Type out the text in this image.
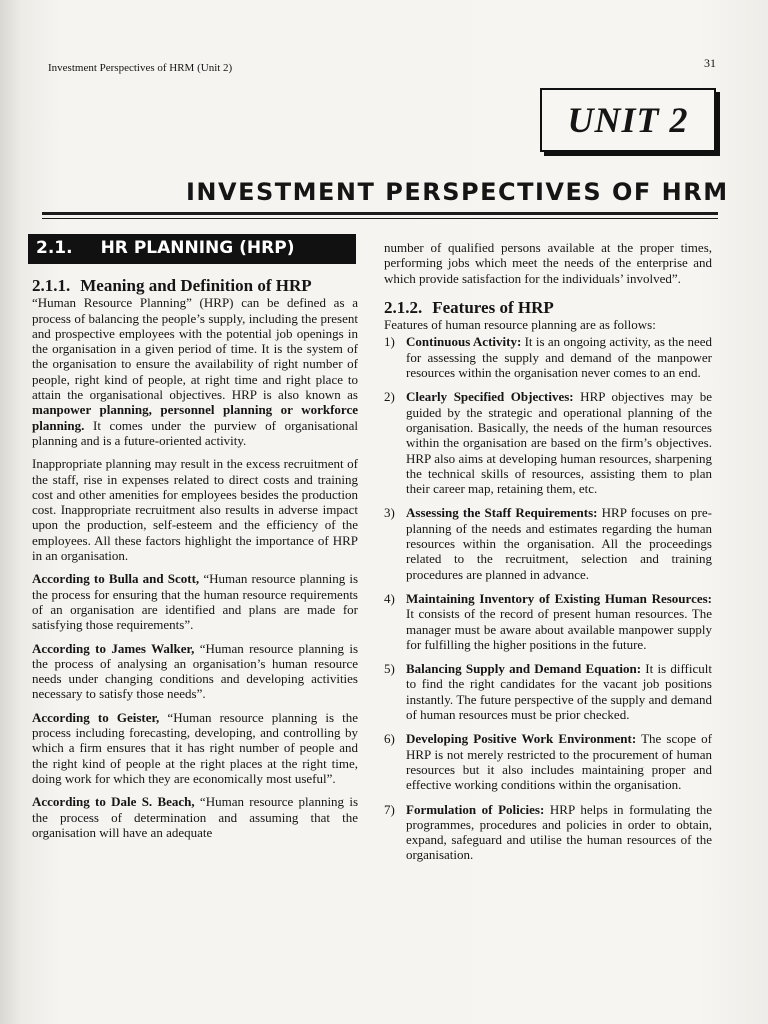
Investment Perspectives of HRM (Unit 2)	31
UNIT 2
INVESTMENT PERSPECTIVES OF HRM
2.1.	HR PLANNING (HRP)
2.1.1. Meaning and Definition of HRP

“Human Resource Planning” (HRP) can be defined as a process of balancing the people’s supply, including the present and prospective employees with the potential job openings in the organisation in a given period of time. It is the system of the organisation to ensure the availability of right number of people, right kind of people, at right time and right place to attain the organisational objectives. HRP is also known as manpower planning, personnel planning or workforce planning. It comes under the purview of organisational planning and is a future-oriented activity.

Inappropriate planning may result in the excess recruitment of the staff, rise in expenses related to direct costs and training cost and other amenities for employees besides the production cost. Inappropriate recruitment also results in adverse impact upon the production, self-esteem and the efficiency of the employees. All these factors highlight the importance of HRP in an organisation.

According to Bulla and Scott, “Human resource planning is the process for ensuring that the human resource requirements of an organisation are identified and plans are made for satisfying those requirements”.

According to James Walker, “Human resource planning is the process of analysing an organisation’s human resource needs under changing conditions and developing activities necessary to satisfy those needs”.

According to Geister, “Human resource planning is the process including forecasting, developing, and controlling by which a firm ensures that it has right number of people and the right kind of people at the right places at the right time, doing work for which they are economically most useful”.

According to Dale S. Beach, “Human resource planning is the process of determination and assuming that the organisation will have an adequate

number of qualified persons available at the proper times, performing jobs which meet the needs of the enterprise and which provide satisfaction for the individuals’ involved”.

2.1.2. Features of HRP
Features of human resource planning are as follows:
1) Continuous Activity: It is an ongoing activity, as the need for assessing the supply and demand of the manpower resources within the organisation never comes to an end.
2) Clearly Specified Objectives: HRP objectives may be guided by the strategic and operational planning of the organisation. Basically, the needs of the human resources within the organisation are based on the firm’s objectives. HRP also aims at developing human resources, sharpening the technical skills of resources, assisting them to plan their career map, retaining them, etc.
3) Assessing the Staff Requirements: HRP focuses on pre-planning of the needs and estimates regarding the human resources within the organisation. All the proceedings related to the recruitment, selection and training procedures are planned in advance.
4) Maintaining Inventory of Existing Human Resources: It consists of the record of present human resources. The manager must be aware about available manpower supply for fulfilling the higher positions in the future.
5) Balancing Supply and Demand Equation: It is difficult to find the right candidates for the vacant job positions instantly. The future perspective of the supply and demand of human resources must be prior checked.
6) Developing Positive Work Environment: The scope of HRP is not merely restricted to the procurement of human resources but it also includes maintaining proper and effective working conditions within the organisation.
7) Formulation of Policies: HRP helps in formulating the programmes, procedures and policies in order to obtain, expand, safeguard and utilise the human resources of the organisation.
